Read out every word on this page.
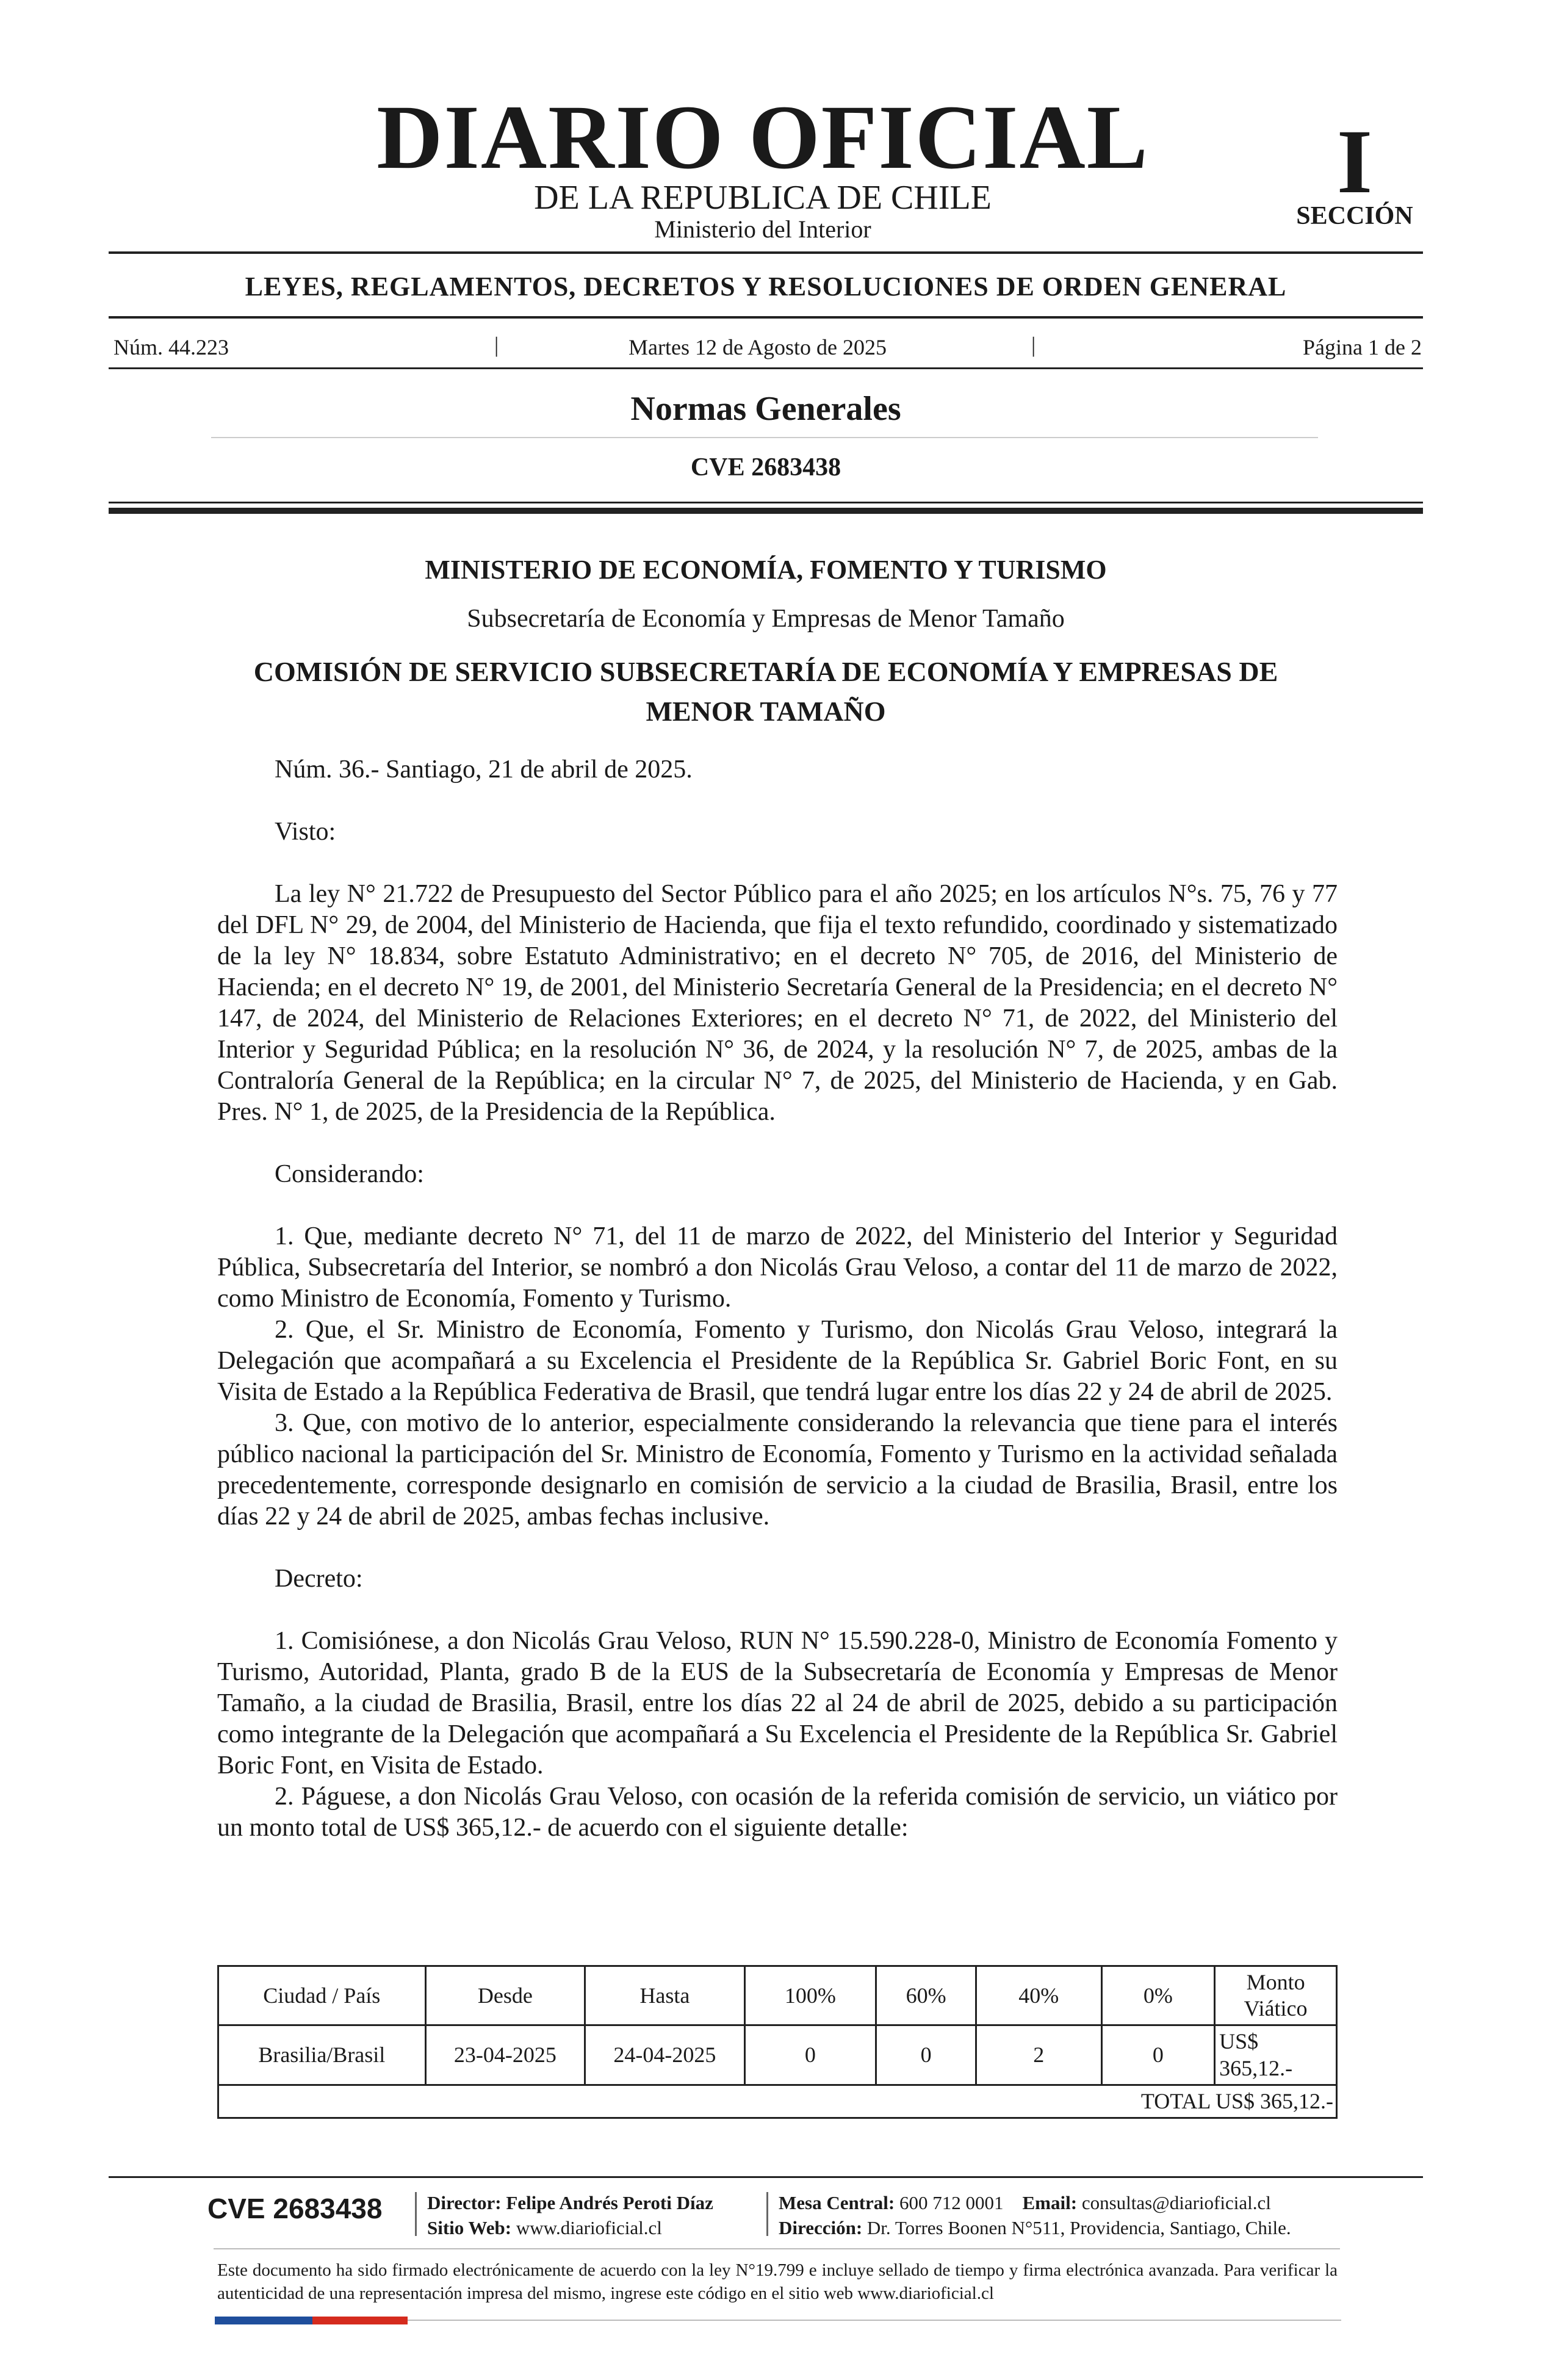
DIARIO OFICIAL
DE LA REPUBLICA DE CHILE
Ministerio del Interior
I
SECCIÓN
LEYES, REGLAMENTOS, DECRETOS Y RESOLUCIONES DE ORDEN GENERAL
Núm. 44.223	|	Martes 12 de Agosto de 2025	|	Página 1 de 2
Normas Generales
CVE 2683438
MINISTERIO DE ECONOMÍA, FOMENTO Y TURISMO
Subsecretaría de Economía y Empresas de Menor Tamaño
COMISIÓN DE SERVICIO SUBSECRETARÍA DE ECONOMÍA Y EMPRESAS DE MENOR TAMAÑO

Núm. 36.- Santiago, 21 de abril de 2025.

Visto:

La ley N° 21.722 de Presupuesto del Sector Público para el año 2025; en los artículos N°s. 75, 76 y 77 del DFL N° 29, de 2004, del Ministerio de Hacienda, que fija el texto refundido, coordinado y sistematizado de la ley N° 18.834, sobre Estatuto Administrativo; en el decreto N° 705, de 2016, del Ministerio de Hacienda; en el decreto N° 19, de 2001, del Ministerio Secretaría General de la Presidencia; en el decreto N° 147, de 2024, del Ministerio de Relaciones Exteriores; en el decreto N° 71, de 2022, del Ministerio del Interior y Seguridad Pública; en la resolución N° 36, de 2024, y la resolución N° 7, de 2025, ambas de la Contraloría General de la República; en la circular N° 7, de 2025, del Ministerio de Hacienda, y en Gab. Pres. N° 1, de 2025, de la Presidencia de la República.

Considerando:

1. Que, mediante decreto N° 71, del 11 de marzo de 2022, del Ministerio del Interior y Seguridad Pública, Subsecretaría del Interior, se nombró a don Nicolás Grau Veloso, a contar del 11 de marzo de 2022, como Ministro de Economía, Fomento y Turismo.

2. Que, el Sr. Ministro de Economía, Fomento y Turismo, don Nicolás Grau Veloso, integrará la Delegación que acompañará a su Excelencia el Presidente de la República Sr. Gabriel Boric Font, en su Visita de Estado a la República Federativa de Brasil, que tendrá lugar entre los días 22 y 24 de abril de 2025.

3. Que, con motivo de lo anterior, especialmente considerando la relevancia que tiene para el interés público nacional la participación del Sr. Ministro de Economía, Fomento y Turismo en la actividad señalada precedentemente, corresponde designarlo en comisión de servicio a la ciudad de Brasilia, Brasil, entre los días 22 y 24 de abril de 2025, ambas fechas inclusive.

Decreto:

1. Comisiónese, a don Nicolás Grau Veloso, RUN N° 15.590.228-0, Ministro de Economía Fomento y Turismo, Autoridad, Planta, grado B de la EUS de la Subsecretaría de Economía y Empresas de Menor Tamaño, a la ciudad de Brasilia, Brasil, entre los días 22 al 24 de abril de 2025, debido a su participación como integrante de la Delegación que acompañará a Su Excelencia el Presidente de la República Sr. Gabriel Boric Font, en Visita de Estado.

2. Páguese, a don Nicolás Grau Veloso, con ocasión de la referida comisión de servicio, un viático por un monto total de US$ 365,12.- de acuerdo con el siguiente detalle:

Ciudad / País	Desde	Hasta	100%	60%	40%	0%	Monto Viático
Brasilia/Brasil	23-04-2025	24-04-2025	0	0	2	0	US$ 365,12.-
TOTAL US$ 365,12.-							
CVE 2683438 Director: Felipe Andrés Peroti Díaz
Sitio Web: www.diarioficial.cl
Mesa Central: 600 712 0001 Email: consultas@diarioficial.cl
Dirección: Dr. Torres Boonen N°511, Providencia, Santiago, Chile.
Este documento ha sido firmado electrónicamente de acuerdo con la ley N°19.799 e incluye sellado de tiempo y firma electrónica avanzada. Para verificar la autenticidad de una representación impresa del mismo, ingrese este código en el sitio web www.diarioficial.cl
